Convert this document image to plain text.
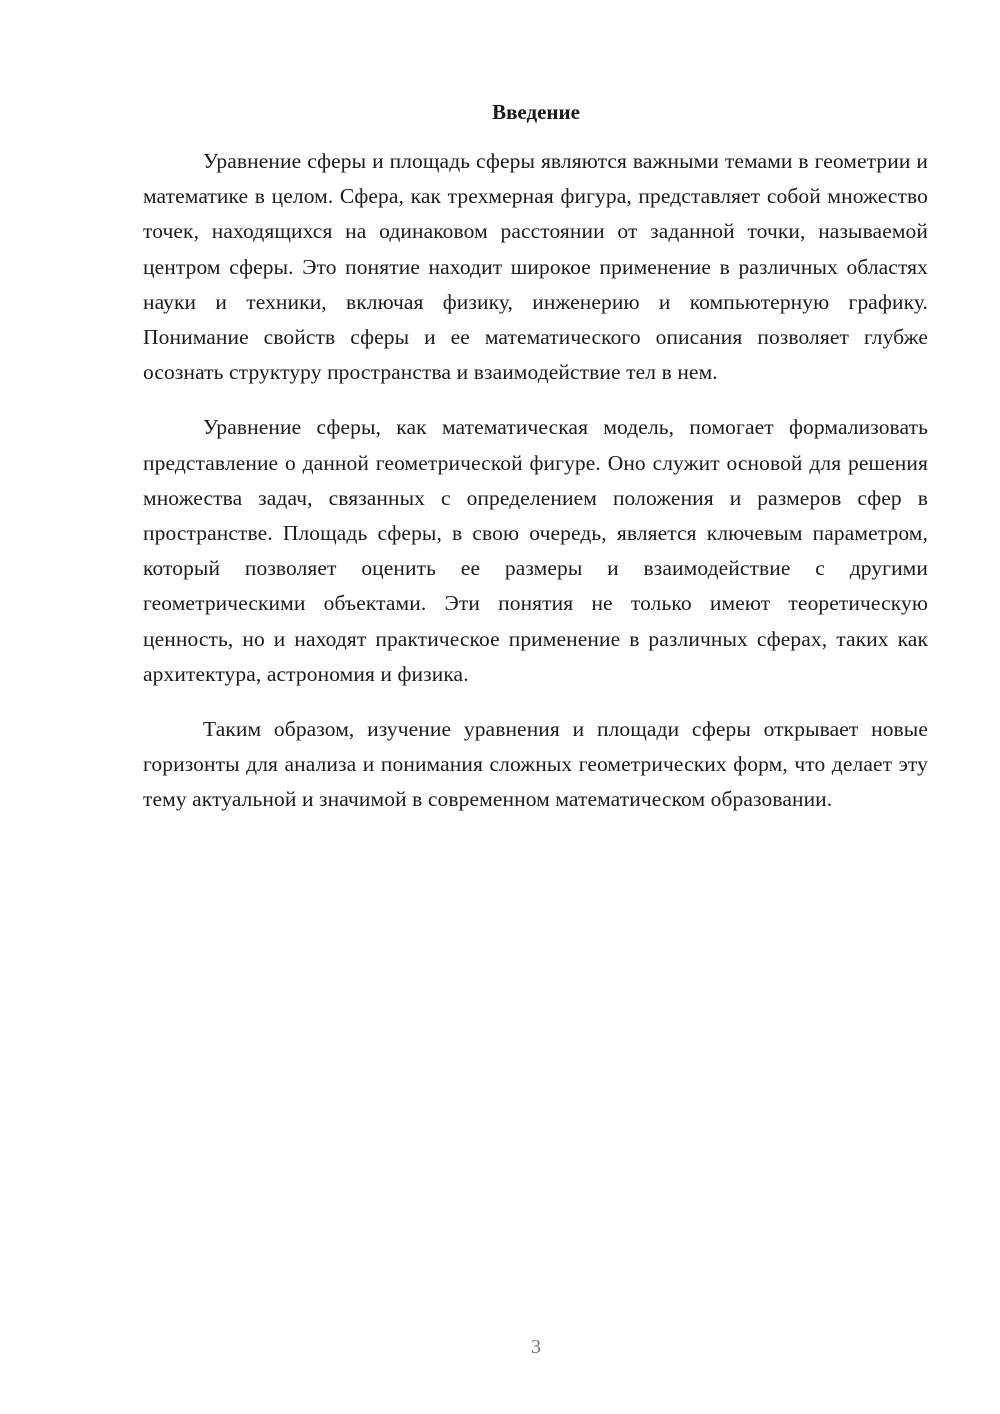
Введение

Уравнение сферы и площадь сферы являются важными темами в геометрии и математике в целом. Сфера, как трехмерная фигура, представляет собой множество точек, находящихся на одинаковом расстоянии от заданной точки, называемой центром сферы. Это понятие находит широкое применение в различных областях науки и техники, включая физику, инженерию и компьютерную графику. Понимание свойств сферы и ее математического описания позволяет глубже осознать структуру пространства и взаимодействие тел в нем.

Уравнение сферы, как математическая модель, помогает формализовать представление о данной геометрической фигуре. Оно служит основой для решения множества задач, связанных с определением положения и размеров сфер в пространстве. Площадь сферы, в свою очередь, является ключевым параметром, который позволяет оценить ее размеры и взаимодействие с другими геометрическими объектами. Эти понятия не только имеют теоретическую ценность, но и находят практическое применение в различных сферах, таких как архитектура, астрономия и физика.

Таким образом, изучение уравнения и площади сферы открывает новые горизонты для анализа и понимания сложных геометрических форм, что делает эту тему актуальной и значимой в современном математическом образовании.

3
